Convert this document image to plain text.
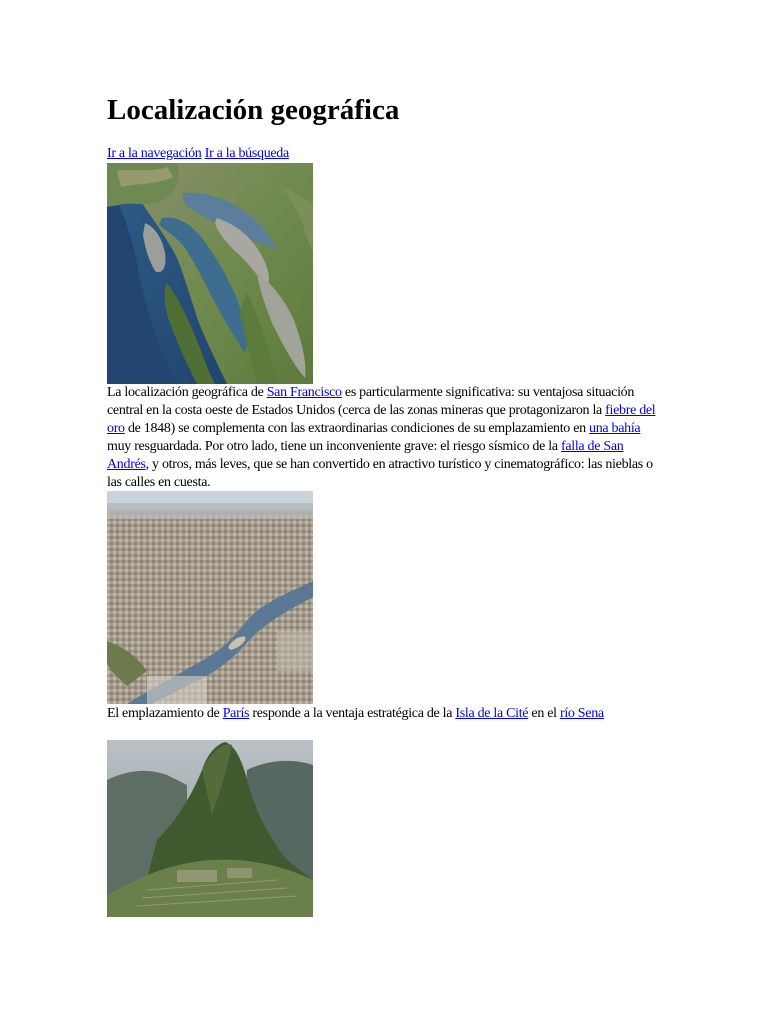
Localización geográfica
Ir a la navegación Ir a la búsqueda
La localización geográfica de San Francisco es particularmente significativa: su ventajosa situación central en la costa oeste de Estados Unidos (cerca de las zonas mineras que protagonizaron la fiebre del oro de 1848) se complementa con las extraordinarias condiciones de su emplazamiento en una bahía muy resguardada. Por otro lado, tiene un inconveniente grave: el riesgo sísmico de la falla de San Andrés, y otros, más leves, que se han convertido en atractivo turístico y cinematográfico: las nieblas o las calles en cuesta.
El emplazamiento de París responde a la ventaja estratégica de la Isla de la Cité en el río Sena
